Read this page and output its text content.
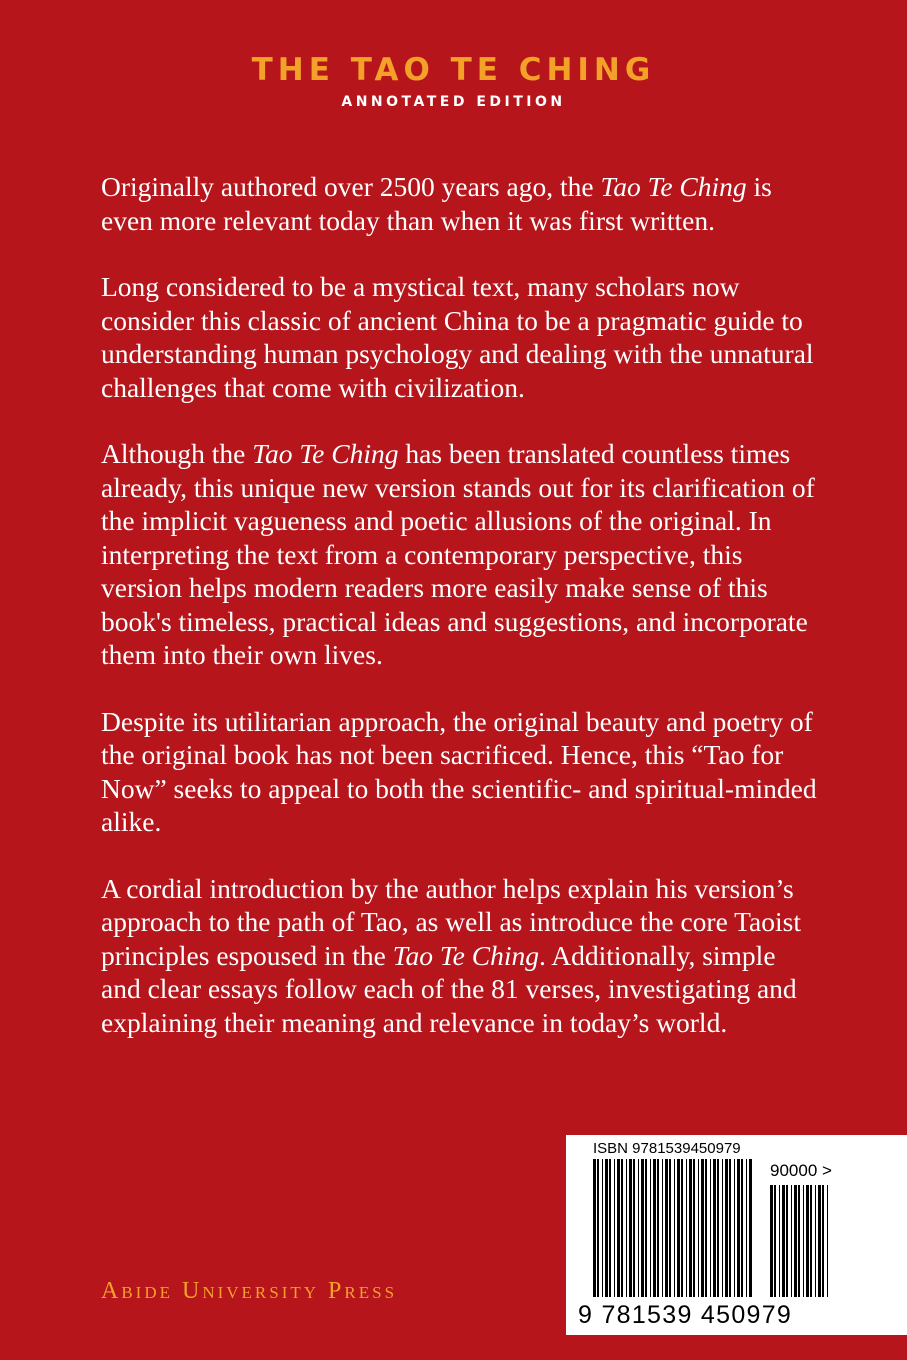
THE TAO TE CHING
ANNOTATED EDITION

Originally authored over 2500 years ago, the Tao Te Ching is even more relevant today than when it was first written.

Long considered to be a mystical text, many scholars now consider this classic of ancient China to be a pragmatic guide to understanding human psychology and dealing with the unnatural challenges that come with civilization.

Although the Tao Te Ching has been translated countless times already, this unique new version stands out for its clarification of the implicit vagueness and poetic allusions of the original. In interpreting the text from a contemporary perspective, this version helps modern readers more easily make sense of this book's timeless, practical ideas and suggestions, and incorporate them into their own lives.

Despite its utilitarian approach, the original beauty and poetry of the original book has not been sacrificed. Hence, this “Tao for Now” seeks to appeal to both the scientific- and spiritual-minded alike.

A cordial introduction by the author helps explain his version’s approach to the path of Tao, as well as introduce the core Taoist principles espoused in the Tao Te Ching. Additionally, simple and clear essays follow each of the 81 verses, investigating and explaining their meaning and relevance in today’s world.

ISBN 9781539450979
90000 >
9 781539 450979
Abide University Press
